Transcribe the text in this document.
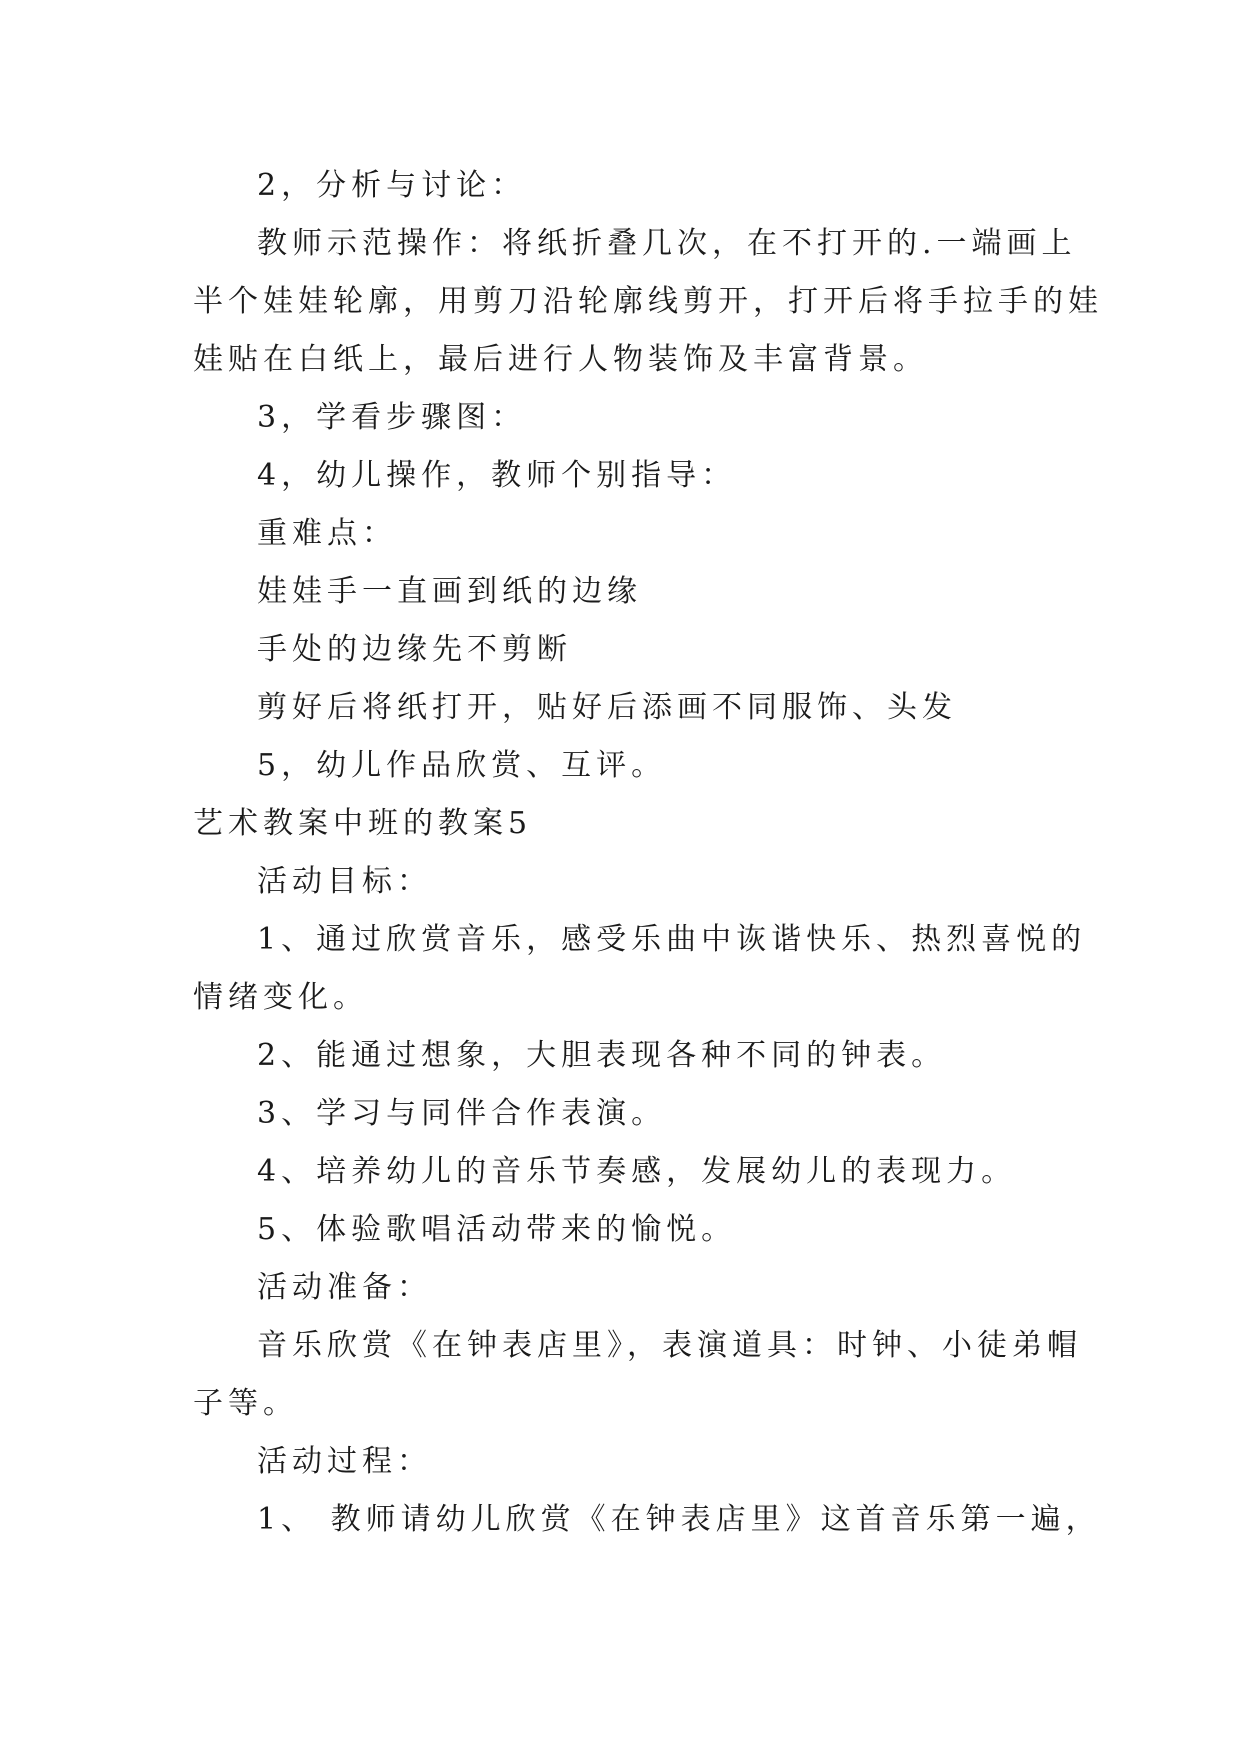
2，分析与讨论：

教师示范操作：将纸折叠几次，在不打开的.一端画上

半个娃娃轮廓，用剪刀沿轮廓线剪开，打开后将手拉手的娃

娃贴在白纸上，最后进行人物装饰及丰富背景。

3，学看步骤图：

4，幼儿操作，教师个别指导：

重难点：

娃娃手一直画到纸的边缘

手处的边缘先不剪断

剪好后将纸打开，贴好后添画不同服饰、头发

5，幼儿作品欣赏、互评。

艺术教案中班的教案5

活动目标：

1、通过欣赏音乐，感受乐曲中诙谐快乐、热烈喜悦的

情绪变化。

2、能通过想象，大胆表现各种不同的钟表。

3、学习与同伴合作表演。

4、培养幼儿的音乐节奏感，发展幼儿的表现力。

5、体验歌唱活动带来的愉悦。

活动准备：

音乐欣赏《在钟表店里》，表演道具：时钟、小徒弟帽

子等。

活动过程：

1、 教师请幼儿欣赏《在钟表店里》这首音乐第一遍，
